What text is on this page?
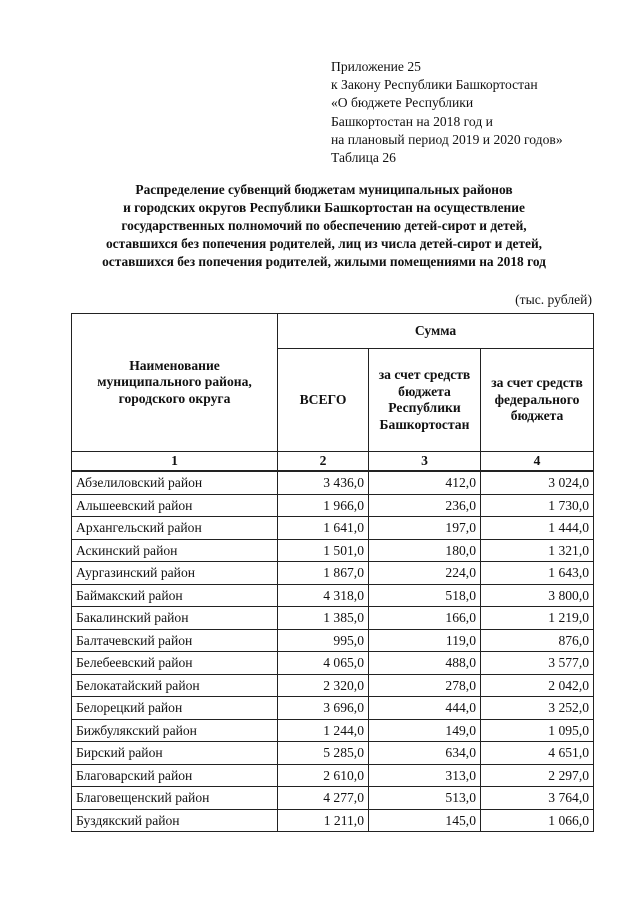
Приложение 25
к Закону Республики Башкортостан
«О бюджете Республики
Башкортостан на 2018 год и
на плановый период 2019 и 2020 годов»
Таблица 26
Распределение субвенций бюджетам муниципальных районов
и городских округов Республики Башкортостан на осуществление
государственных полномочий по обеспечению детей-сирот и детей,
оставшихся без попечения родителей, лиц из числа детей-сирот и детей,
оставшихся без попечения родителей, жилыми помещениями на 2018 год
(тыс. рублей)
Наименование муниципального района, городского округа	Сумма		
	ВСЕГО	за счет средств бюджета Республики Башкортостан	за счет средств федерального бюджета
1	2	3	4
Абзелиловский район	3 436,0	412,0	3 024,0
Альшеевский район	1 966,0	236,0	1 730,0
Архангельский район	1 641,0	197,0	1 444,0
Аскинский район	1 501,0	180,0	1 321,0
Аургазинский район	1 867,0	224,0	1 643,0
Баймакский район	4 318,0	518,0	3 800,0
Бакалинский район	1 385,0	166,0	1 219,0
Балтачевский район	995,0	119,0	876,0
Белебеевский район	4 065,0	488,0	3 577,0
Белокатайский район	2 320,0	278,0	2 042,0
Белорецкий район	3 696,0	444,0	3 252,0
Бижбулякский район	1 244,0	149,0	1 095,0
Бирский район	5 285,0	634,0	4 651,0
Благоварский район	2 610,0	313,0	2 297,0
Благовещенский район	4 277,0	513,0	3 764,0
Буздякский район	1 211,0	145,0	1 066,0
